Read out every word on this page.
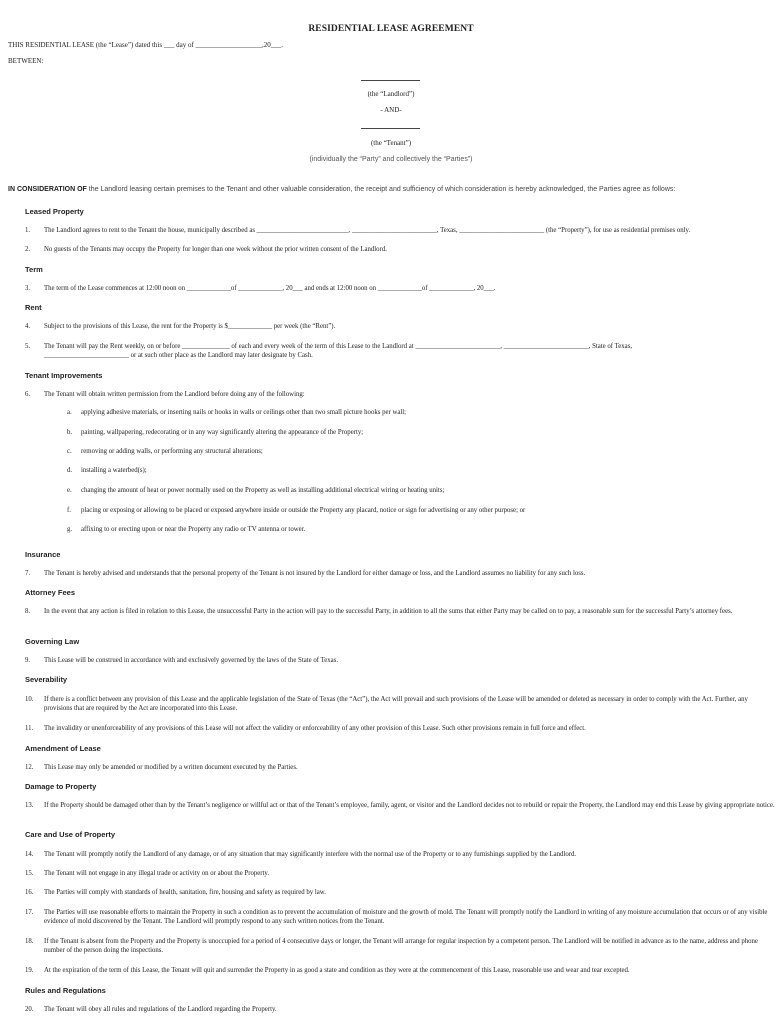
RESIDENTIAL LEASE AGREEMENT
THIS RESIDENTIAL LEASE (the “Lease”) dated this ___ day of ___________________,20___.
BETWEEN:
(the “Landlord”)
- AND-
(the “Tenant”)
(individually the “Party” and collectively the “Parties”)
IN CONSIDERATION OF the Landlord leasing certain premises to the Tenant and other valuable consideration, the receipt and sufficiency of which consideration is hereby acknowledged, the Parties agree as follows:
Leased Property
1.	The Landlord agrees to rent to the Tenant the house, municipally described as ___________________________, _________________________, Texas, _________________________ (the “Property”), for use as residential premises only.
2.	No guests of the Tenants may occupy the Property for longer than one week without the prior written consent of the Landlord.
Term
3.	The term of the Lease commences at 12:00 noon on _____________of _____________, 20___ and ends at 12:00 noon on _____________of _____________, 20___.
Rent
4.	Subject to the provisions of this Lease, the rent for the Property is $_____________ per week (the “Rent”).
5.	The Tenant will pay the Rent weekly, on or before ______________ of each and every week of the term of this Lease to the Landlord at _________________________, _________________________, State of Texas,
_________________________ or at such other place as the Landlord may later designate by Cash.
Tenant Improvements
6.	The Tenant will obtain written permission from the Landlord before doing any of the following:
a.	applying adhesive materials, or inserting nails or hooks in walls or ceilings other than two small picture hooks per wall;
b.	painting, wallpapering, redecorating or in any way significantly altering the appearance of the Property;
c.	removing or adding walls, or performing any structural alterations;
d.	installing a waterbed(s);
e.	changing the amount of heat or power normally used on the Property as well as installing additional electrical wiring or heating units;
f.	placing or exposing or allowing to be placed or exposed anywhere inside or outside the Property any placard, notice or sign for advertising or any other purpose; or
g.	affixing to or erecting upon or near the Property any radio or TV antenna or tower.
Insurance
7.	The Tenant is hereby advised and understands that the personal property of the Tenant is not insured by the Landlord for either damage or loss, and the Landlord assumes no liability for any such loss.
Attorney Fees
8.	In the event that any action is filed in relation to this Lease, the unsuccessful Party in the action will pay to the successful Party, in addition to all the sums that either Party may be called on to pay, a reasonable sum for the successful Party’s attorney fees.
Governing Law
9.	This Lease will be construed in accordance with and exclusively governed by the laws of the State of Texas.
Severability
10.	If there is a conflict between any provision of this Lease and the applicable legislation of the State of Texas (the “Act”), the Act will prevail and such provisions of the Lease will be amended or deleted as necessary in order to comply with the Act. Further, any provisions that are required by the Act are incorporated into this Lease.
11.	The invalidity or unenforceability of any provisions of this Lease will not affect the validity or enforceability of any other provision of this Lease. Such other provisions remain in full force and effect.
Amendment of Lease
12.	This Lease may only be amended or modified by a written document executed by the Parties.
Damage to Property
13.	If the Property should be damaged other than by the Tenant’s negligence or willful act or that of the Tenant’s employee, family, agent, or visitor and the Landlord decides not to rebuild or repair the Property, the Landlord may end this Lease by giving appropriate notice.
Care and Use of Property
14.	The Tenant will promptly notify the Landlord of any damage, or of any situation that may significantly interfere with the normal use of the Property or to any furnishings supplied by the Landlord.
15.	The Tenant will not engage in any illegal trade or activity on or about the Property.
16.	The Parties will comply with standards of health, sanitation, fire, housing and safety as required by law.
17.	The Parties will use reasonable efforts to maintain the Property in such a condition as to prevent the accumulation of moisture and the growth of mold. The Tenant will promptly notify the Landlord in writing of any moisture accumulation that occurs or of any visible evidence of mold discovered by the Tenant. The Landlord will promptly respond to any such written notices from the Tenant.
18.	If the Tenant is absent from the Property and the Property is unoccupied for a period of 4 consecutive days or longer, the Tenant will arrange for regular inspection by a competent person. The Landlord will be notified in advance as to the name, address and phone number of the person doing the inspections.
19.	At the expiration of the term of this Lease, the Tenant will quit and surrender the Property in as good a state and condition as they were at the commencement of this Lease, reasonable use and wear and tear excepted.
Rules and Regulations
20.	The Tenant will obey all rules and regulations of the Landlord regarding the Property.
